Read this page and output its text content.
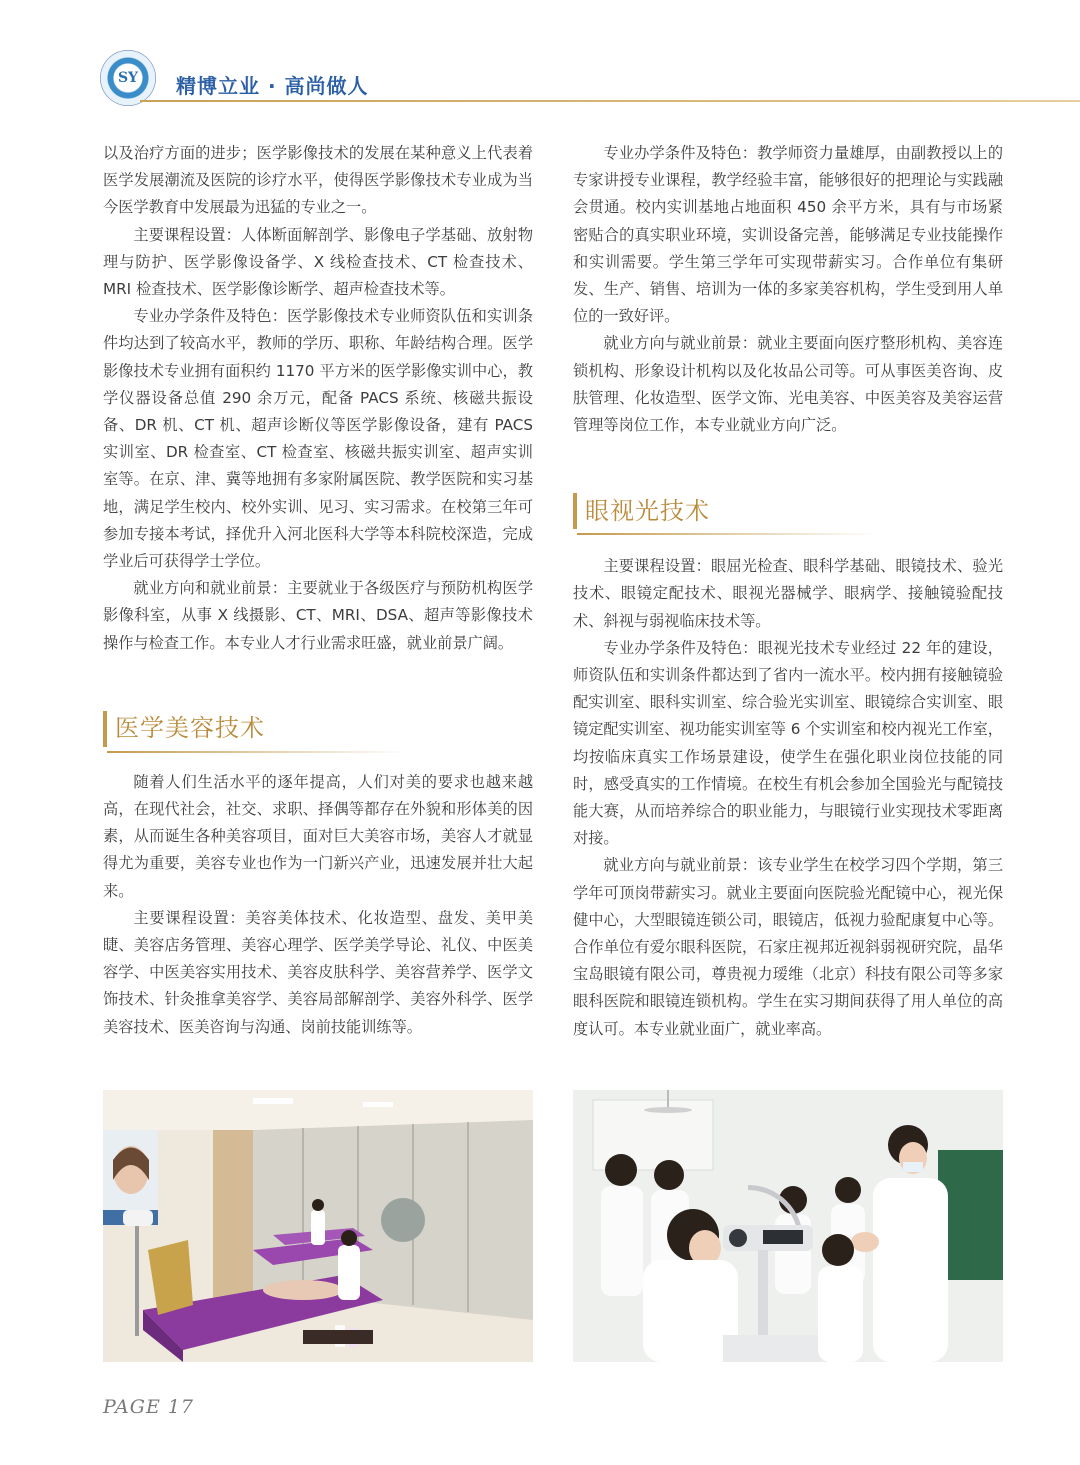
SY 精博立业 · 高尚做人

以及治疗方面的进步；医学影像技术的发展在某种意义上代表着医学发展潮流及医院的诊疗水平，使得医学影像技术专业成为当今医学教育中发展最为迅猛的专业之一。

主要课程设置：人体断面解剖学、影像电子学基础、放射物理与防护、医学影像设备学、X 线检查技术、CT 检查技术、MRI 检查技术、医学影像诊断学、超声检查技术等。

专业办学条件及特色：医学影像技术专业师资队伍和实训条件均达到了较高水平，教师的学历、职称、年龄结构合理。医学影像技术专业拥有面积约 1170 平方米的医学影像实训中心，教学仪器设备总值 290 余万元，配备 PACS 系统、核磁共振设备、DR 机、CT 机、超声诊断仪等医学影像设备，建有 PACS 实训室、DR 检查室、CT 检查室、核磁共振实训室、超声实训室等。在京、津、冀等地拥有多家附属医院、教学医院和实习基地，满足学生校内、校外实训、见习、实习需求。在校第三年可参加专接本考试，择优升入河北医科大学等本科院校深造，完成学业后可获得学士学位。

就业方向和就业前景：主要就业于各级医疗与预防机构医学影像科室，从事 X 线摄影、CT、MRI、DSA、超声等影像技术操作与检查工作。本专业人才行业需求旺盛，就业前景广阔。

医学美容技术

随着人们生活水平的逐年提高，人们对美的要求也越来越高，在现代社会，社交、求职、择偶等都存在外貌和形体美的因素，从而诞生各种美容项目，面对巨大美容市场，美容人才就显得尤为重要，美容专业也作为一门新兴产业，迅速发展并壮大起来。

主要课程设置：美容美体技术、化妆造型、盘发、美甲美睫、美容店务管理、美容心理学、医学美学导论、礼仪、中医美容学、中医美容实用技术、美容皮肤科学、美容营养学、医学文饰技术、针灸推拿美容学、美容局部解剖学、美容外科学、医学美容技术、医美咨询与沟通、岗前技能训练等。

专业办学条件及特色：教学师资力量雄厚，由副教授以上的专家讲授专业课程，教学经验丰富，能够很好的把理论与实践融会贯通。校内实训基地占地面积 450 余平方米，具有与市场紧密贴合的真实职业环境，实训设备完善，能够满足专业技能操作和实训需要。学生第三学年可实现带薪实习。合作单位有集研发、生产、销售、培训为一体的多家美容机构，学生受到用人单位的一致好评。

就业方向与就业前景：就业主要面向医疗整形机构、美容连锁机构、形象设计机构以及化妆品公司等。可从事医美咨询、皮肤管理、化妆造型、医学文饰、光电美容、中医美容及美容运营管理等岗位工作，本专业就业方向广泛。

眼视光技术

主要课程设置：眼屈光检查、眼科学基础、眼镜技术、验光技术、眼镜定配技术、眼视光器械学、眼病学、接触镜验配技术、斜视与弱视临床技术等。

专业办学条件及特色：眼视光技术专业经过 22 年的建设，师资队伍和实训条件都达到了省内一流水平。校内拥有接触镜验配实训室、眼科实训室、综合验光实训室、眼镜综合实训室、眼镜定配实训室、视功能实训室等 6 个实训室和校内视光工作室，均按临床真实工作场景建设，使学生在强化职业岗位技能的同时，感受真实的工作情境。在校生有机会参加全国验光与配镜技能大赛，从而培养综合的职业能力，与眼镜行业实现技术零距离对接。

就业方向与就业前景：该专业学生在校学习四个学期，第三学年可顶岗带薪实习。就业主要面向医院验光配镜中心，视光保健中心，大型眼镜连锁公司，眼镜店，低视力验配康复中心等。合作单位有爱尔眼科医院，石家庄视邦近视斜弱视研究院，晶华宝岛眼镜有限公司，尊贵视力瑷维（北京）科技有限公司等多家眼科医院和眼镜连锁机构。学生在实习期间获得了用人单位的高度认可。本专业就业面广，就业率高。

PAGE 17
